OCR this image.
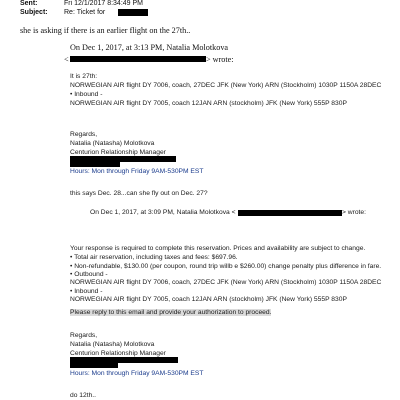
Sent:	Fri 12/1/2017 8:34:49 PM
Subject: Re: Ticket for
she is asking if there is an earlier flight on the 27th..
On Dec 1, 2017, at 3:13 PM, Natalia Molotkova
<	> wrote:
It is 27th:
NORWEGIAN AIR flight DY 7006, coach, 27DEC JFK (New York) ARN (Stockholm) 1030P 1150A 28DEC
• Inbound -
NORWEGIAN AIR flight DY 7005, coach 12JAN ARN (stockholm) JFK (New York) 555P 830P
Regards,
Natalia (Natasha) Molotkova
Centurion Relationship Manager
Hours: Mon through Friday 9AM-530PM EST
this says Dec. 28...can she fly out on Dec. 27?
On Dec 1, 2017, at 3:09 PM, Natalia Molotkova <	> wrote:
Your response is required to complete this reservation. Prices and availability are subject to change.
• Total air reservation, including taxes and fees: $697.96.
• Non-refundable, $130.00 (per coupon, round trip willb e $260.00) change penalty plus difference in fare.
• Outbound -
NORWEGIAN AIR flight DY 7006, coach, 27DEC JFK (New York) ARN (Stockholm) 1030P 1150A 28DEC
• Inbound -
NORWEGIAN AIR flight DY 7005, coach 12JAN ARN (stockholm) JFK (New York) 555P 830P
Please reply to this email and provide your authorization to proceed.
Regards,
Natalia (Natasha) Molotkova
Centurion Relationship Manager
Hours: Mon through Friday 9AM-530PM EST
do 12th..
